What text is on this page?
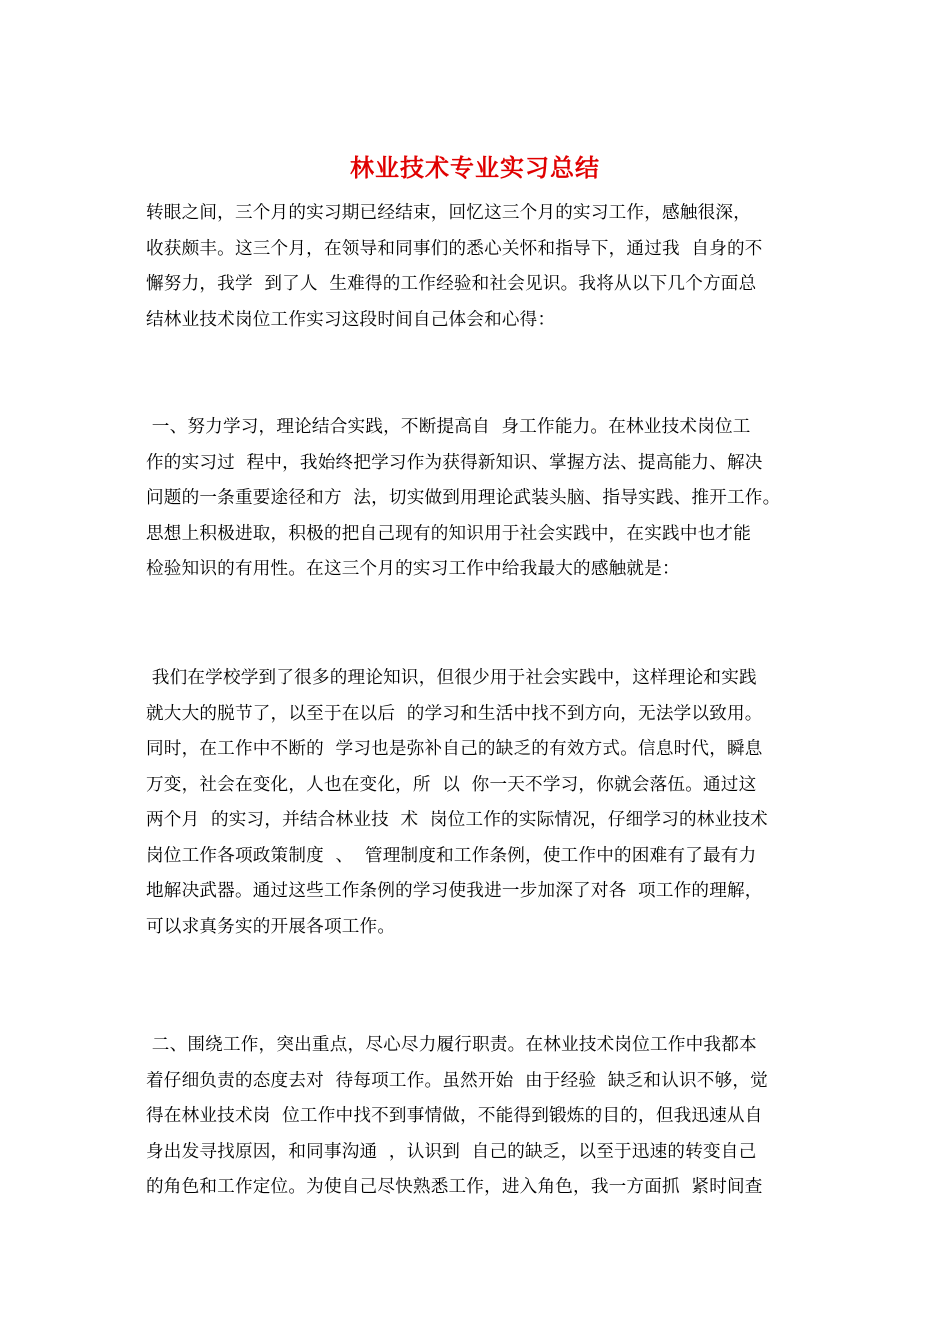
林业技术专业实习总结
转眼之间，三个月的实习期已经结束，回忆这三个月的实习工作，感触很深，
收获颇丰。这三个月，在领导和同事们的悉心关怀和指导下，通过我  自身的不
懈努力，我学  到了人  生难得的工作经验和社会见识。我将从以下几个方面总
结林业技术岗位工作实习这段时间自己体会和心得：
一、努力学习，理论结合实践，不断提高自  身工作能力。在林业技术岗位工
作的实习过  程中，我始终把学习作为获得新知识、掌握方法、提高能力、解决
问题的一条重要途径和方  法，切实做到用理论武装头脑、指导实践、推开工作。
思想上积极进取，积极的把自己现有的知识用于社会实践中，在实践中也才能
检验知识的有用性。在这三个月的实习工作中给我最大的感触就是：
我们在学校学到了很多的理论知识，但很少用于社会实践中，这样理论和实践
就大大的脱节了，以至于在以后  的学习和生活中找不到方向，无法学以致用。
同时，在工作中不断的  学习也是弥补自己的缺乏的有效方式。信息时代，瞬息
万变，社会在变化，人也在变化，所  以  你一天不学习，你就会落伍。通过这
两个月  的实习，并结合林业技  术  岗位工作的实际情况，仔细学习的林业技术
岗位工作各项政策制度  、  管理制度和工作条例，使工作中的困难有了最有力
地解决武器。通过这些工作条例的学习使我进一步加深了对各  项工作的理解，
可以求真务实的开展各项工作。
二、围绕工作，突出重点，尽心尽力履行职责。在林业技术岗位工作中我都本
着仔细负责的态度去对  待每项工作。虽然开始  由于经验  缺乏和认识不够，觉
得在林业技术岗  位工作中找不到事情做，不能得到锻炼的目的，但我迅速从自
身出发寻找原因，和同事沟通  ，认识到  自己的缺乏，以至于迅速的转变自己
的角色和工作定位。为使自己尽快熟悉工作，进入角色，我一方面抓  紧时间查
